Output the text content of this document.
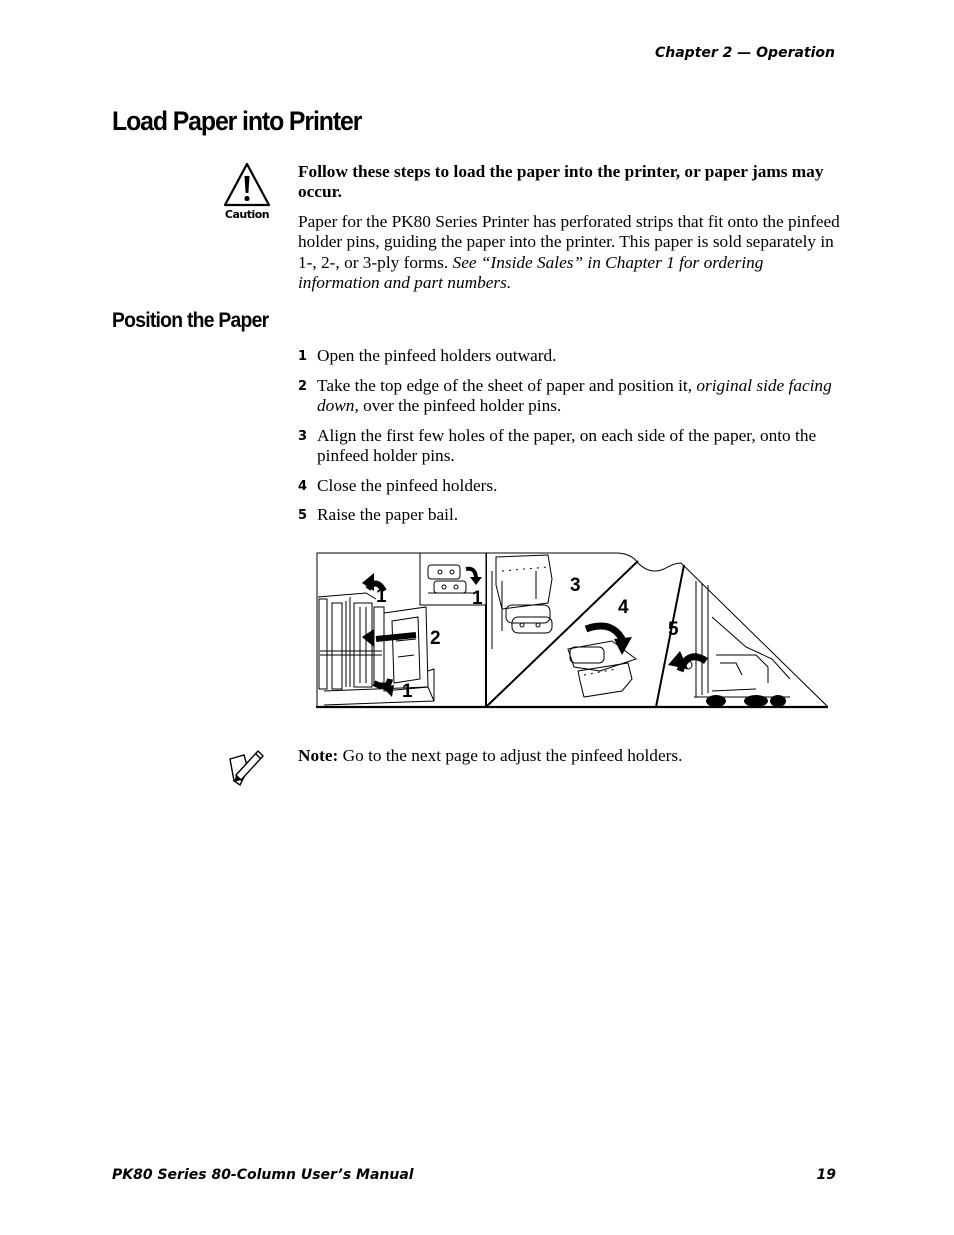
Chapter 2 — Operation
Load Paper into Printer
Caution
Follow these steps to load the paper into the printer, or paper jams may occur.
Paper for the PK80 Series Printer has perforated strips that fit onto the pinfeed holder pins, guiding the paper into the printer. This paper is sold separately in 1-, 2-, or 3-ply forms. See “Inside Sales” in Chapter 1 for ordering information and part numbers.
Position the Paper
1 Open the pinfeed holders outward.
2 Take the top edge of the sheet of paper and position it, original side facing down, over the pinfeed holder pins.
3 Align the first few holes of the paper, on each side of the paper, onto the pinfeed holder pins.
4 Close the pinfeed holders.
5 Raise the paper bail.
1	1
1
2
3
4
5
Note: Go to the next page to adjust the pinfeed holders.
PK80 Series 80-Column User’s Manual	19
